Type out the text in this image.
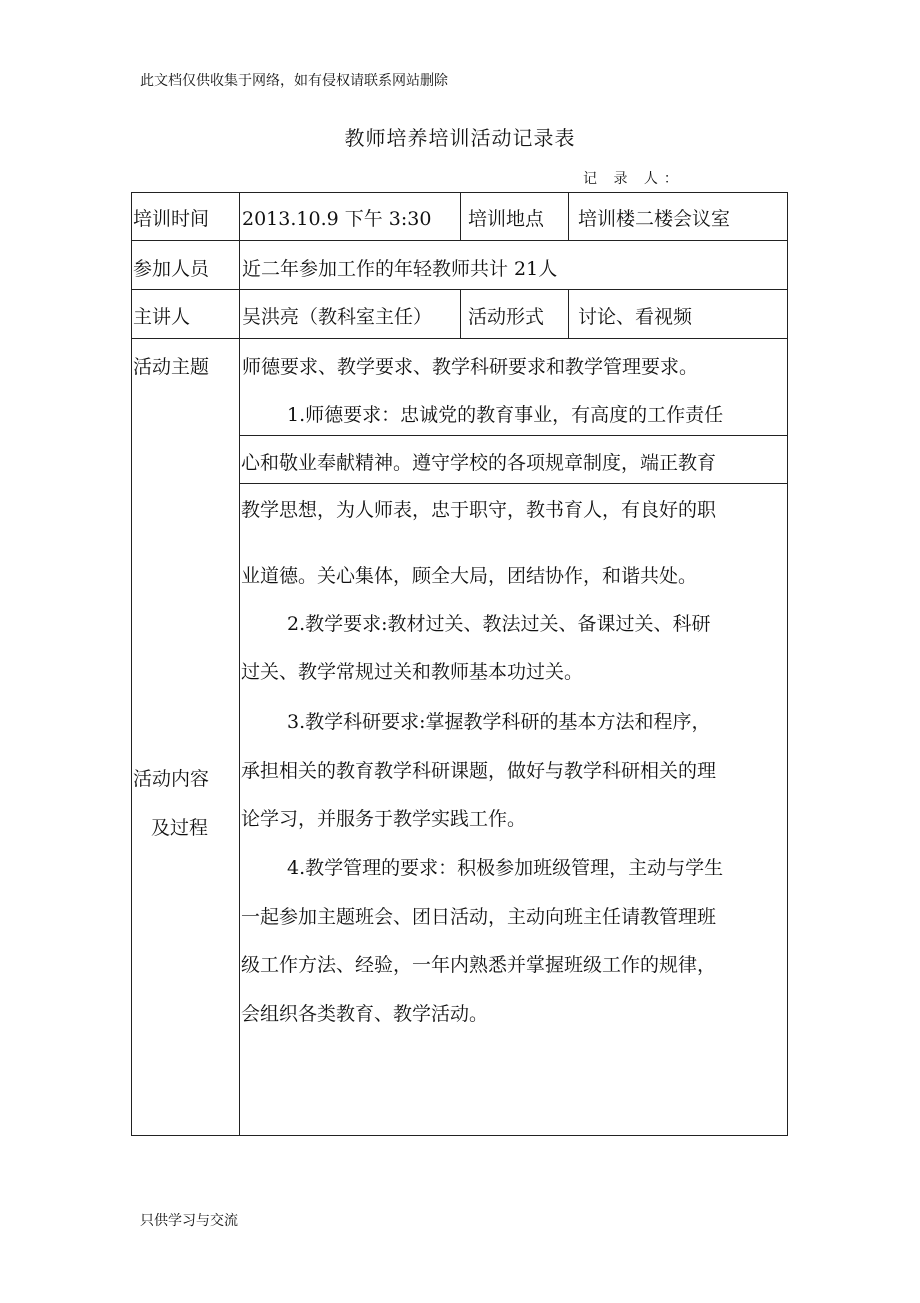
此文档仅供收集于网络，如有侵权请联系网站删除
教师培养培训活动记录表
记 录 人：
培训时间 2013.10.9 下午 3:30 培训地点 培训楼二楼会议室
参加人员 近二年参加工作的年轻教师共计 21人
主讲人	吴洪亮（教科室主任） 活动形式 讨论、看视频
活动主题 师德要求、教学要求、教学科研要求和教学管理要求。
活动内容
及过程
1.师德要求：忠诚党的教育事业，有高度的工作责任
心和敬业奉献精神。遵守学校的各项规章制度，端正教育
教学思想，为人师表，忠于职守，教书育人，有良好的职
业道德。关心集体，顾全大局，团结协作，和谐共处。
2.教学要求:教材过关、教法过关、备课过关、科研
过关、教学常规过关和教师基本功过关。
3.教学科研要求:掌握教学科研的基本方法和程序，
承担相关的教育教学科研课题，做好与教学科研相关的理
论学习，并服务于教学实践工作。
4.教学管理的要求：积极参加班级管理，主动与学生
一起参加主题班会、团日活动，主动向班主任请教管理班
级工作方法、经验，一年内熟悉并掌握班级工作的规律，
会组织各类教育、教学活动。
只供学习与交流
